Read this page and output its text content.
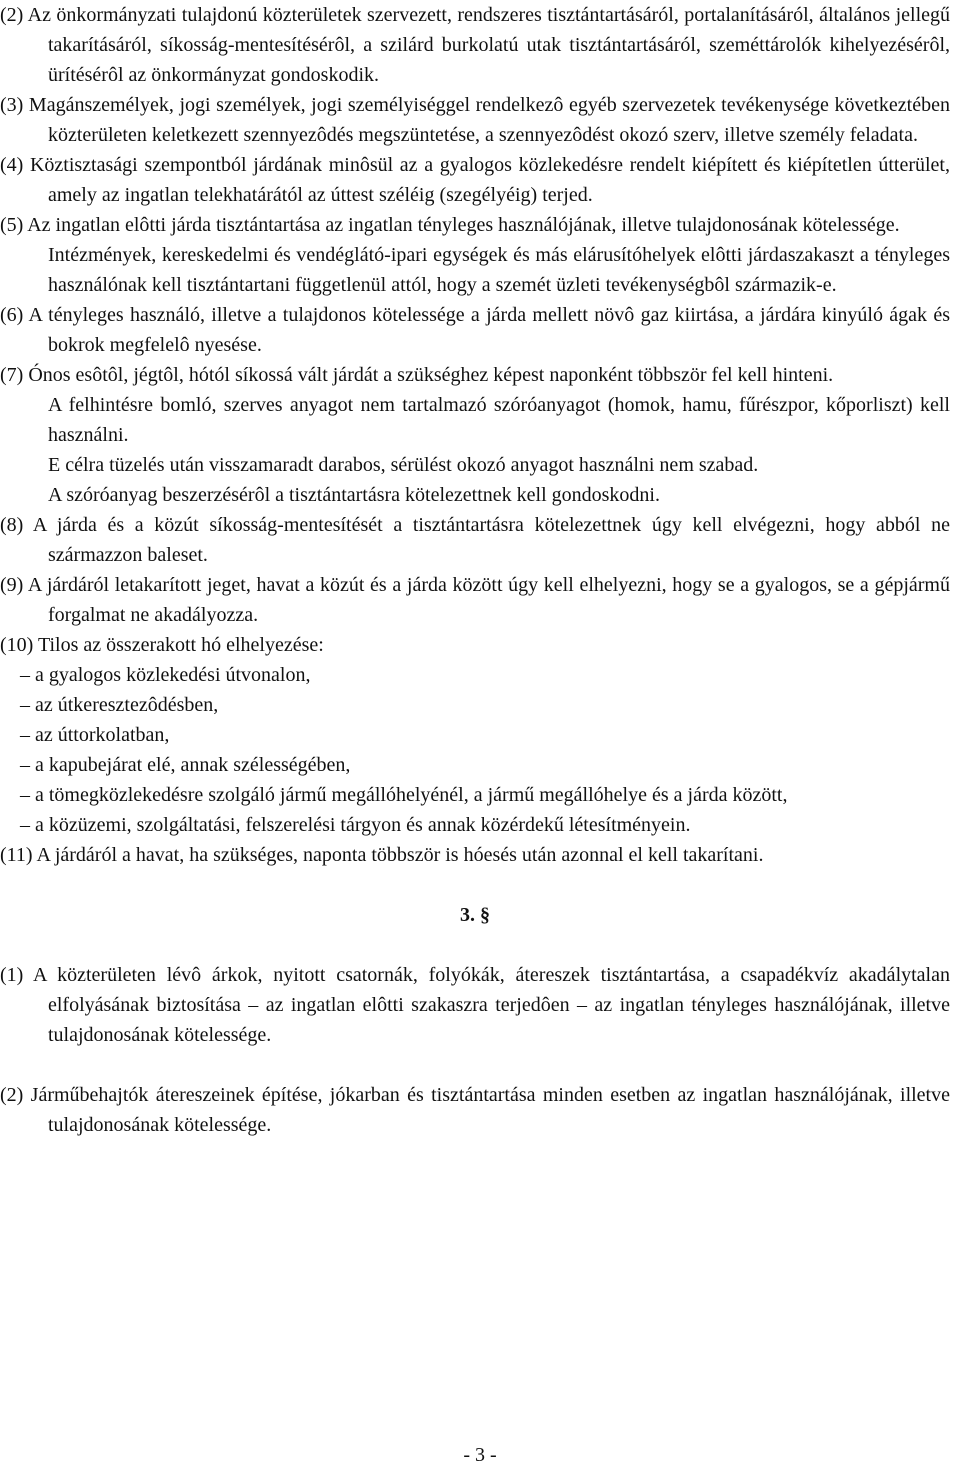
(2) Az önkormányzati tulajdonú közterületek szervezett, rendszeres tisztántartásáról, portalanításáról, általános jellegű takarításáról, síkosság-mentesítésérôl, a szilárd burkolatú utak tisztántartásáról, szeméttárolók kihelyezésérôl, ürítésérôl az önkormányzat gondoskodik.

(3) Magánszemélyek, jogi személyek, jogi személyiséggel rendelkezô egyéb szervezetek tevékenysége következtében közterületen keletkezett szennyezôdés megszüntetése, a szennyezôdést okozó szerv, illetve személy feladata.

(4) Köztisztasági szempontból járdának minôsül az a gyalogos közlekedésre rendelt kiépített és kiépítetlen útterület, amely az ingatlan telekhatárától az úttest széléig (szegélyéig) terjed.

(5) Az ingatlan elôtti járda tisztántartása az ingatlan tényleges használójának, illetve tulajdonosának kötelessége.

Intézmények, kereskedelmi és vendéglátó-ipari egységek és más elárusítóhelyek elôtti járdaszakaszt a tényleges használónak kell tisztántartani függetlenül attól, hogy a szemét üzleti tevékenységbôl származik-e.

(6) A tényleges használó, illetve a tulajdonos kötelessége a járda mellett növô gaz kiirtása, a járdára kinyúló ágak és bokrok megfelelô nyesése.

(7) Ónos esôtôl, jégtôl, hótól síkossá vált járdát a szükséghez képest naponként többször fel kell hinteni.

A felhintésre bomló, szerves anyagot nem tartalmazó szóróanyagot (homok, hamu, fűrészpor, kőporliszt) kell használni.

E célra tüzelés után visszamaradt darabos, sérülést okozó anyagot használni nem szabad.

A szóróanyag beszerzésérôl a tisztántartásra kötelezettnek kell gondoskodni.

(8) A járda és a közút síkosság-mentesítését a tisztántartásra kötelezettnek úgy kell elvégezni, hogy abból ne származzon baleset.

(9) A járdáról letakarított jeget, havat a közút és a járda között úgy kell elhelyezni, hogy se a gyalogos, se a gépjármű forgalmat ne akadályozza.

(10) Tilos az összerakott hó elhelyezése:

– a gyalogos közlekedési útvonalon,

– az útkeresztezôdésben,

– az úttorkolatban,

– a kapubejárat elé, annak szélességében,

– a tömegközlekedésre szolgáló jármű megállóhelyénél, a jármű megállóhelye és a járda között,

– a közüzemi, szolgáltatási, felszerelési tárgyon és annak közérdekű létesítményein.

(11) A járdáról a havat, ha szükséges, naponta többször is hóesés után azonnal el kell takarítani.

3. §

(1) A közterületen lévô árkok, nyitott csatornák, folyókák, átereszek tisztántartása, a csapadékvíz akadálytalan elfolyásának biztosítása – az ingatlan elôtti szakaszra terjedôen – az ingatlan tényleges használójának, illetve tulajdonosának kötelessége.

(2) Járműbehajtók átereszeinek építése, jókarban és tisztántartása minden esetben az ingatlan használójának, illetve tulajdonosának kötelessége.

- 3 -
